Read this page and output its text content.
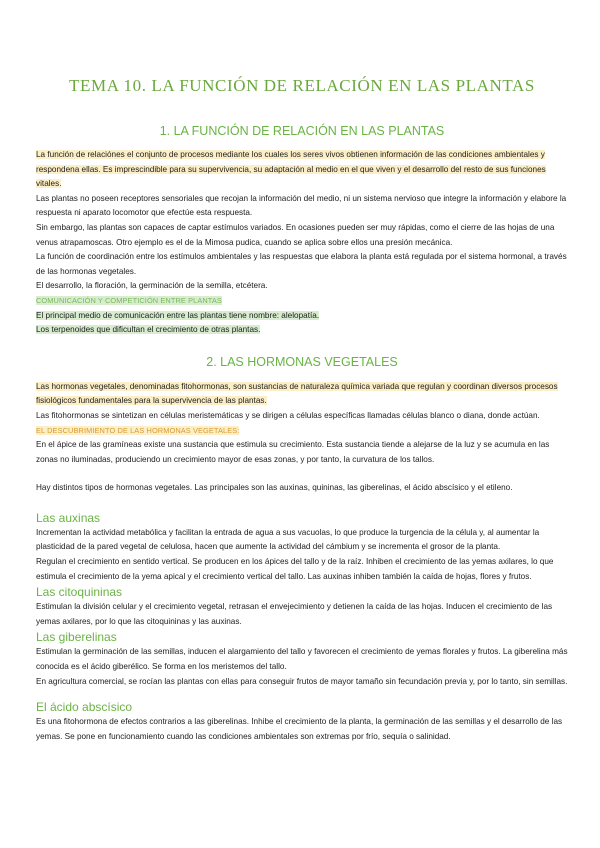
TEMA 10. LA FUNCIÓN DE RELACIÓN EN LAS PLANTAS
1. LA FUNCIÓN DE RELACIÓN EN LAS PLANTAS

La función de relaciónes el conjunto de procesos mediante los cuales los seres vivos obtienen información de las condiciones ambientales y respondena ellas. Es imprescindible para su supervivencia, su adaptación al medio en el que viven y el desarrollo del resto de sus funciones vitales.

Las plantas no poseen receptores sensoriales que recojan la información del medio, ni un sistema nervioso que integre la información y elabore la respuesta ni aparato locomotor que efectúe esta respuesta.

Sin embargo, las plantas son capaces de captar estímulos variados. En ocasiones pueden ser muy rápidas, como el cierre de las hojas de una venus atrapamoscas. Otro ejemplo es el de la Mimosa pudica, cuando se aplica sobre ellos una presión mecánica.

La función de coordinación entre los estímulos ambientales y las respuestas que elabora la planta está regulada por el sistema hormonal, a través de las hormonas vegetales.

El desarrollo, la floración, la germinación de la semilla, etcétera.

COMUNICACIÓN Y COMPETICIÓN ENTRE PLANTAS

El principal medio de comunicación entre las plantas tiene nombre: alelopatía.

Los terpenoides que dificultan el crecimiento de otras plantas.

2. LAS HORMONAS VEGETALES

Las hormonas vegetales, denominadas fitohormonas, son sustancias de naturaleza química variada que regulan y coordinan diversos procesos fisiológicos fundamentales para la supervivencia de las plantas.

Las fitohormonas se sintetizan en células meristemáticas y se dirigen a células específicas llamadas células blanco o diana, donde actúan.

EL DESCUBRIMIENTO DE LAS HORMONAS VEGETALES:

En el ápice de las gramíneas existe una sustancia que estimula su crecimiento. Esta sustancia tiende a alejarse de la luz y se acumula en las zonas no iluminadas, produciendo un crecimiento mayor de esas zonas, y por tanto, la curvatura de los tallos.

Hay distintos tipos de hormonas vegetales. Las principales son las auxinas, quininas, las giberelinas, el ácido abscísico y el etileno.

Las auxinas

Incrementan la actividad metabólica y facilitan la entrada de agua a sus vacuolas, lo que produce la turgencia de la célula y, al aumentar la plasticidad de la pared vegetal de celulosa, hacen que aumente la actividad del cámbium y se incrementa el grosor de la planta.

Regulan el crecimiento en sentido vertical. Se producen en los ápices del tallo y de la raíz. Inhiben el crecimiento de las yemas axilares, lo que estimula el crecimiento de la yema apical y el crecimiento vertical del tallo. Las auxinas inhiben también la caída de hojas, flores y frutos.

Las citoquininas

Estimulan la división celular y el crecimiento vegetal, retrasan el envejecimiento y detienen la caída de las hojas. Inducen el crecimiento de las yemas axilares, por lo que las citoquininas y las auxinas.

Las giberelinas

Estimulan la germinación de las semillas, inducen el alargamiento del tallo y favorecen el crecimiento de yemas florales y frutos. La giberelina más conocida es el ácido giberélico. Se forma en los meristemos del tallo.

En agricultura comercial, se rocían las plantas con ellas para conseguir frutos de mayor tamaño sin fecundación previa y, por lo tanto, sin semillas.

El ácido abscísico

Es una fitohormona de efectos contrarios a las giberelinas. Inhibe el crecimiento de la planta, la germinación de las semillas y el desarrollo de las yemas. Se pone en funcionamiento cuando las condiciones ambientales son extremas por frío, sequía o salinidad.
